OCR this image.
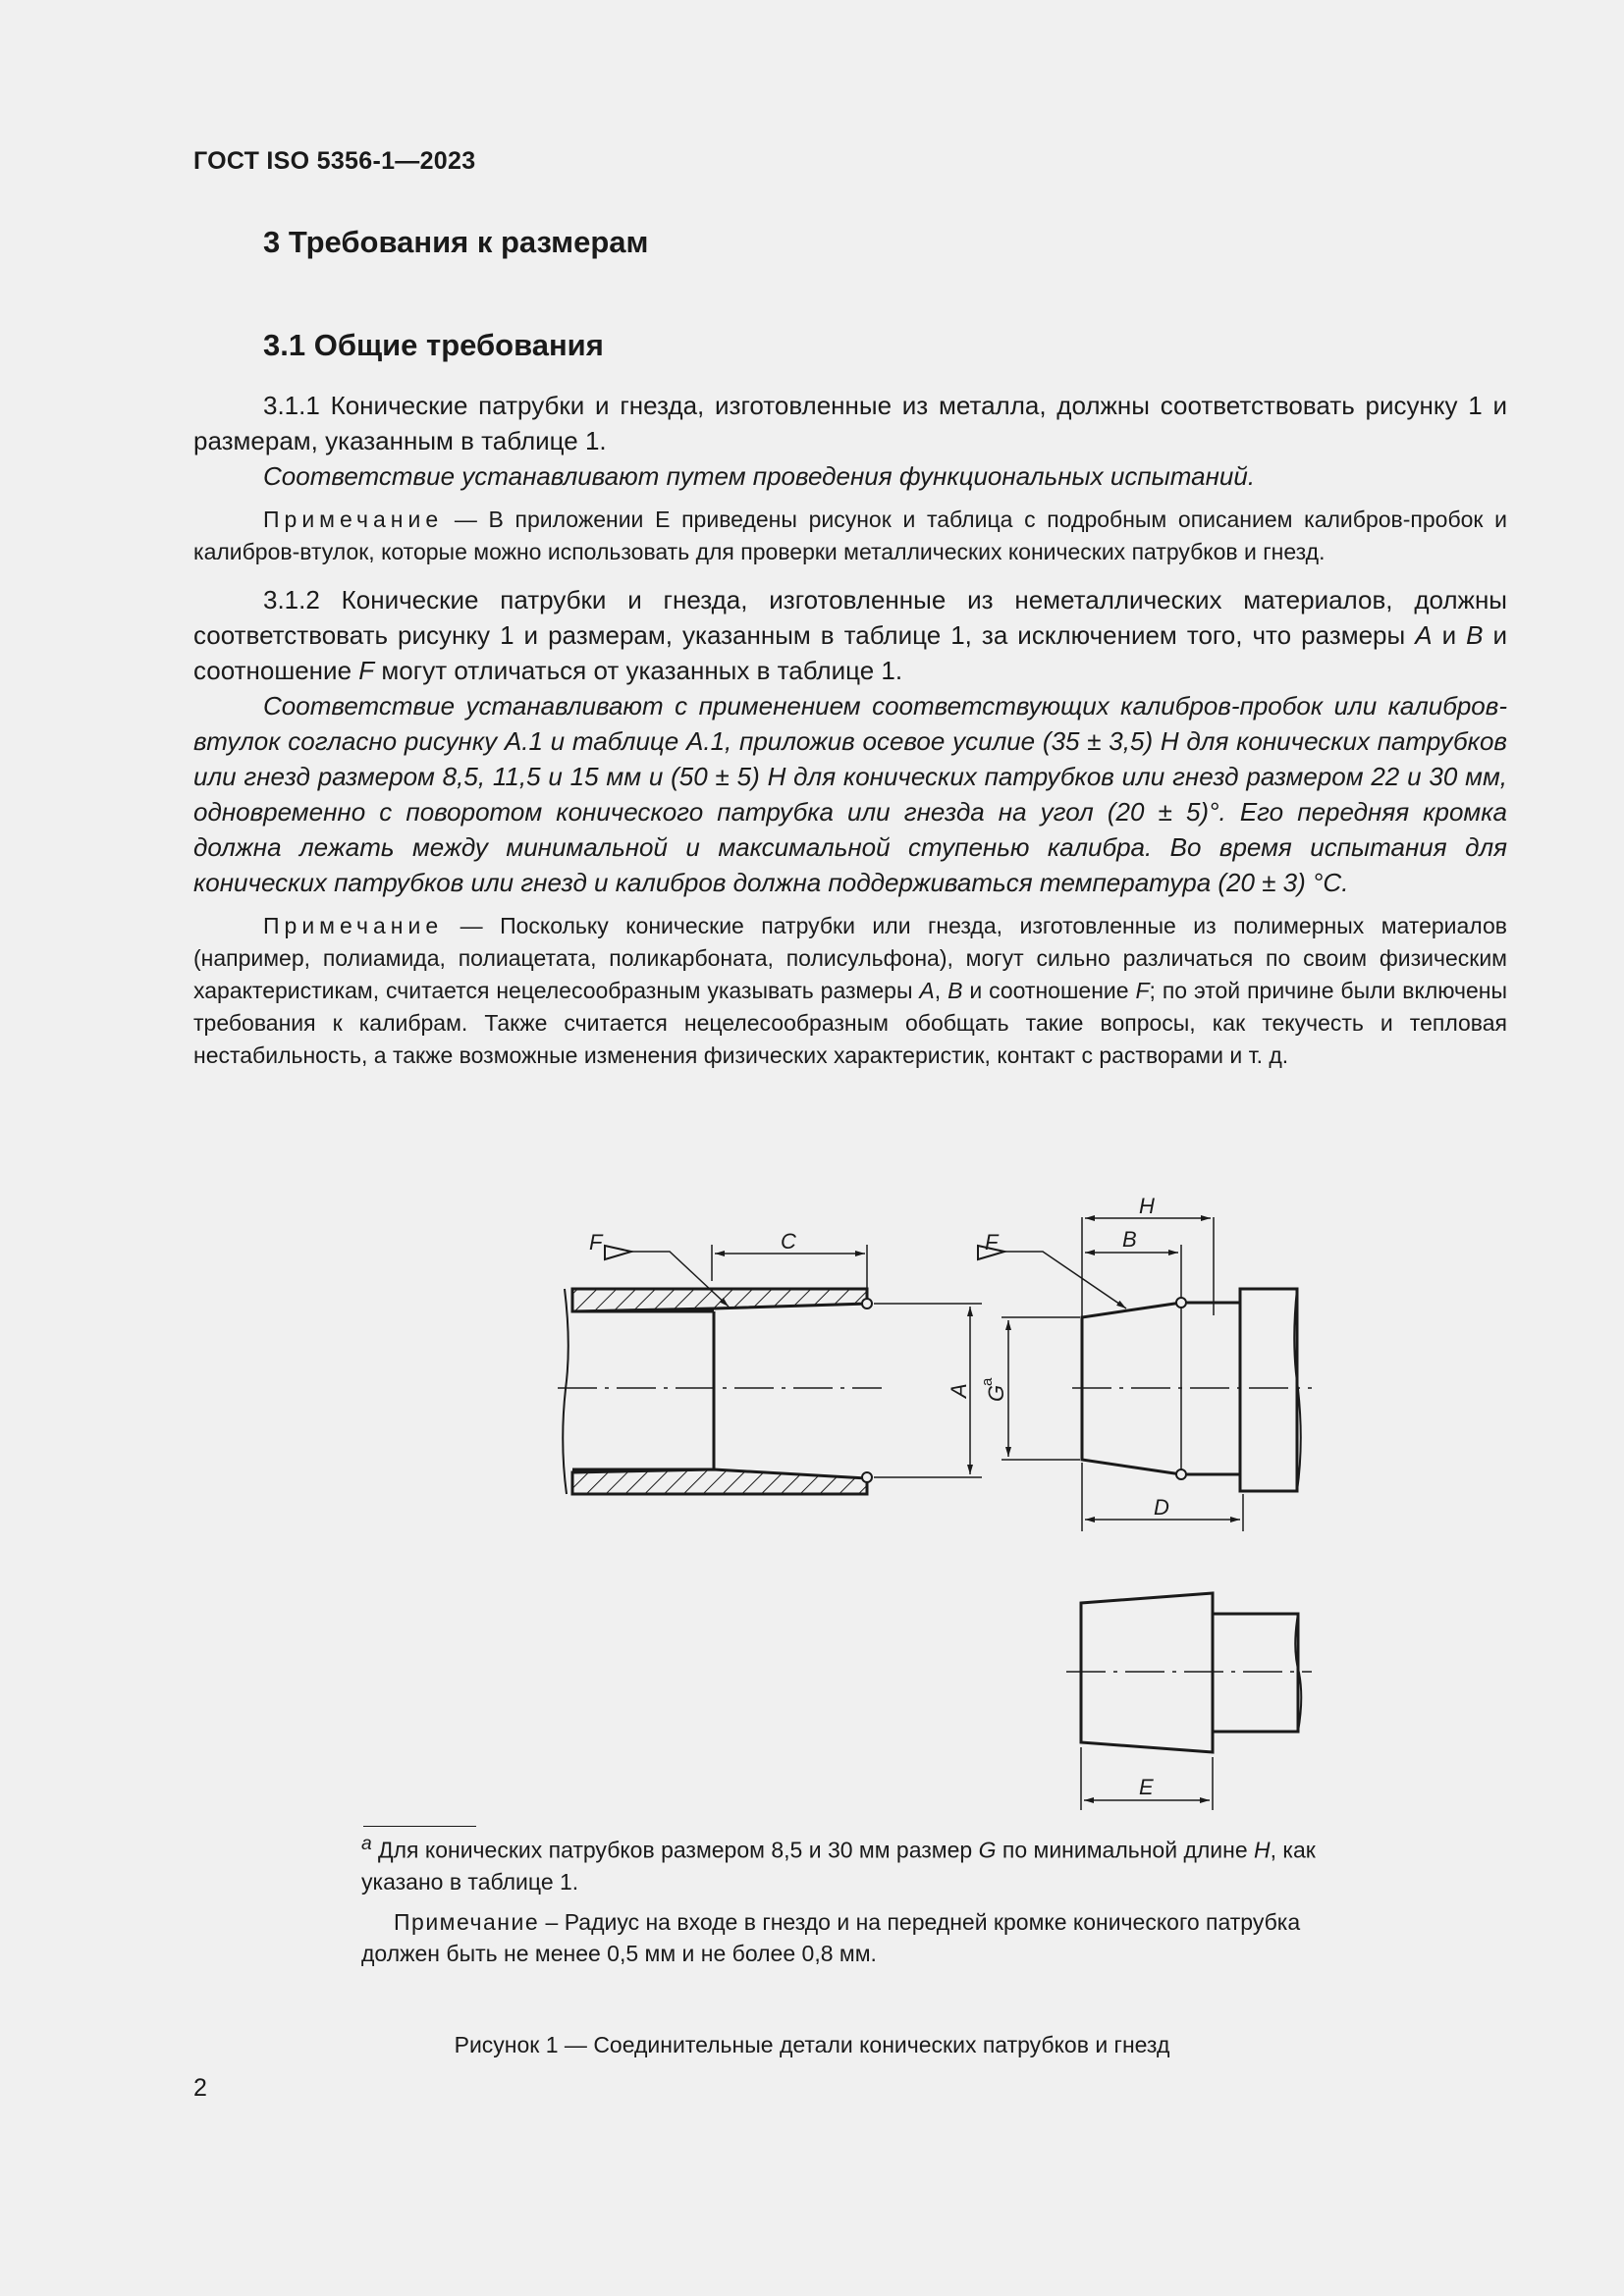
ГОСТ ISO 5356-1—2023
3 Требования к размерам
3.1 Общие требования

3.1.1 Конические патрубки и гнезда, изготовленные из металла, должны соответствовать рисунку 1 и размерам, указанным в таблице 1.

Соответствие устанавливают путем проведения функциональных испытаний.

Примечание — В приложении Е приведены рисунок и таблица с подробным описанием калибров-пробок и калибров-втулок, которые можно использовать для проверки металлических конических патрубков и гнезд.

3.1.2 Конические патрубки и гнезда, изготовленные из неметаллических материалов, должны соответствовать рисунку 1 и размерам, указанным в таблице 1, за исключением того, что размеры A и B и соотношение F могут отличаться от указанных в таблице 1.

Соответствие устанавливают с применением соответствующих калибров-пробок или калибров-втулок согласно рисунку А.1 и таблице А.1, приложив осевое усилие (35 ± 3,5) Н для конических патрубков или гнезд размером 8,5, 11,5 и 15 мм и (50 ± 5) Н для конических патрубков или гнезд размером 22 и 30 мм, одновременно с поворотом конического патрубка или гнезда на угол (20 ± 5)°. Его передняя кромка должна лежать между минимальной и максимальной ступенью калибра. Во время испытания для конических патрубков или гнезд и калибров должна поддерживаться температура (20 ± 3) °С.

Примечание — Поскольку конические патрубки или гнезда, изготовленные из полимерных материалов (например, полиамида, полиацетата, поликарбоната, полисульфона), могут сильно различаться по своим физическим характеристикам, считается нецелесообразным указывать размеры A, B и соотношение F; по этой причине были включены требования к калибрам. Также считается нецелесообразным обобщать такие вопросы, как текучесть и тепловая нестабильность, а также возможные изменения физических характеристик, контакт с растворами и т. д.

F	C
A G
a
F
H
B
D
E
$^a$ Для конических патрубков размером 8,5 и 30 мм размер G по минимальной длине H, как указано в таблице 1.
Примечание – Радиус на входе в гнездо и на передней кромке конического патрубка должен быть не менее 0,5 мм и не более 0,8 мм.
Рисунок 1 — Соединительные детали конических патрубков и гнезд
2
